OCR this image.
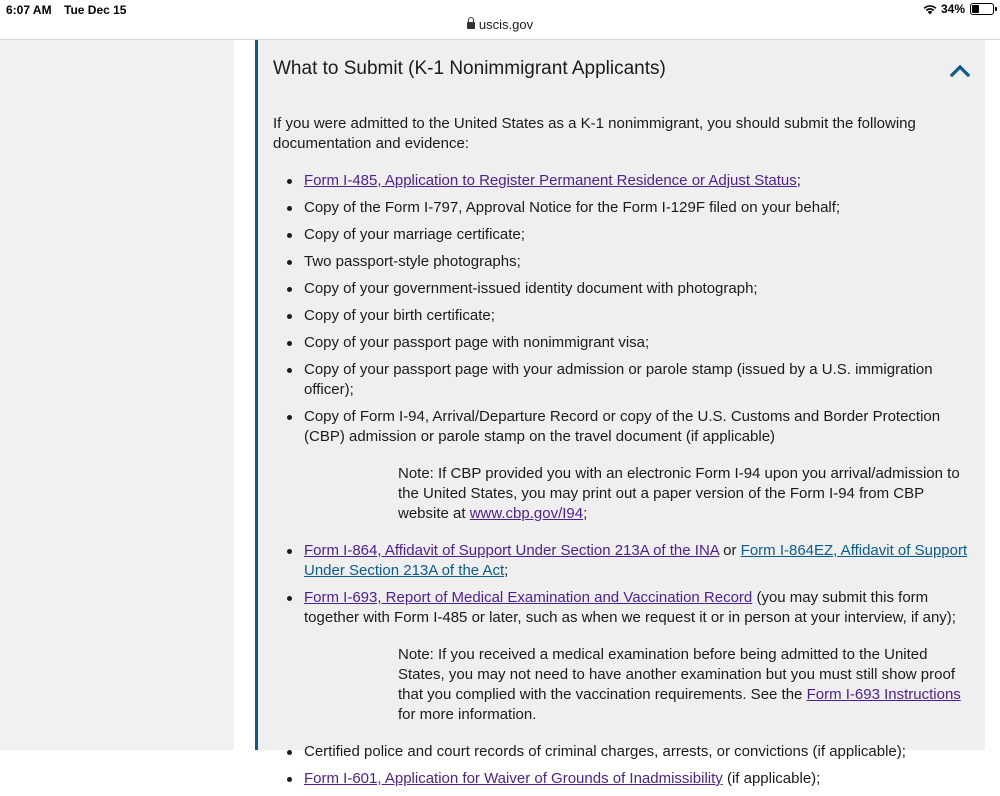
6:07 AM Tue Dec 15
uscis.gov
34%
What to Submit (K-1 Nonimmigrant Applicants)

If you were admitted to the United States as a K-1 nonimmigrant, you should submit the following documentation and evidence:

Form I-485, Application to Register Permanent Residence or Adjust Status;
Copy of the Form I-797, Approval Notice for the Form I-129F filed on your behalf;
Copy of your marriage certificate;
Two passport-style photographs;
Copy of your government-issued identity document with photograph;
Copy of your birth certificate;
Copy of your passport page with nonimmigrant visa;
Copy of your passport page with your admission or parole stamp (issued by a U.S. immigration officer);
Copy of Form I-94, Arrival/Departure Record or copy of the U.S. Customs and Border Protection (CBP) admission or parole stamp on the travel document (if applicable)

Note: If CBP provided you with an electronic Form I-94 upon you arrival/admission to the United States, you may print out a paper version of the Form I-94 from CBP website at www.cbp.gov/I94;

Form I-864, Affidavit of Support Under Section 213A of the INA or Form I-864EZ, Affidavit of Support Under Section 213A of the Act;
Form I-693, Report of Medical Examination and Vaccination Record (you may submit this form together with Form I-485 or later, such as when we request it or in person at your interview, if any);

Note: If you received a medical examination before being admitted to the United States, you may not need to have another examination but you must still show proof that you complied with the vaccination requirements. See the Form I-693 Instructions for more information.

Certified police and court records of criminal charges, arrests, or convictions (if applicable);
Form I-601, Application for Waiver of Grounds of Inadmissibility (if applicable);
